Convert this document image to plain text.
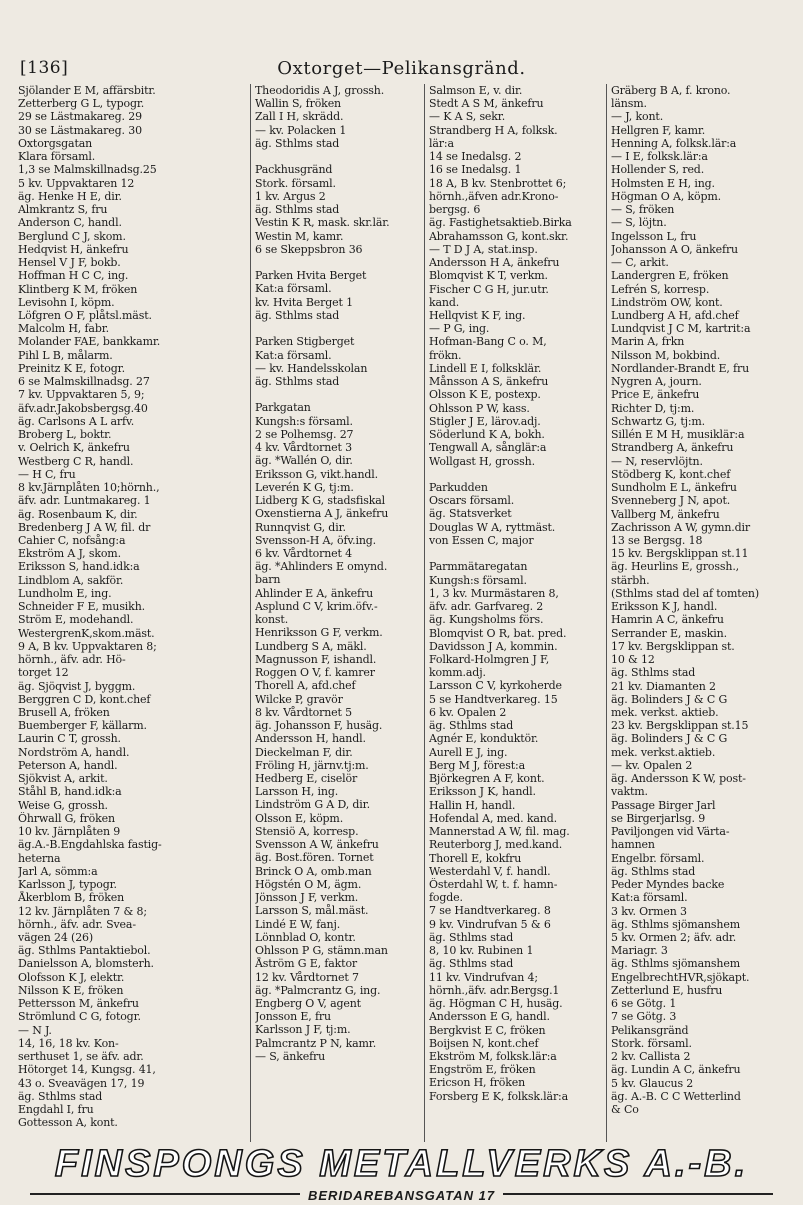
[136]	Oxtorget—Pelikansgränd.
Sjölander E M, affärsbitr.
Zetterberg G L, typogr.
29 se Lästmakareg. 29
30 se Lästmakareg. 30
Oxtorgsgatan
Klara församl.
1,3 se Malmskillnadsg.25
5 kv. Uppvaktaren 12
äg. Henke H E, dir.
Almkrantz S, fru
Anderson C, handl.
Berglund C J, skom.
Hedqvist H, änkefru
Hensel V J F, bokb.
Hoffman H C C, ing.
Klintberg K M, fröken
Levisohn I, köpm.
Löfgren O F, plåtsl.mäst.
Malcolm H, fabr.
Molander FAE, bankkamr.
Pihl L B, målarm.
Preinitz K E, fotogr.
6 se Malmskillnadsg. 27
7 kv. Uppvaktaren 5, 9;
äfv.adr.Jakobsbergsg.40
äg. Carlsons A L arfv.
Broberg L, boktr.
v. Oelrich K, änkefru
Westberg C R, handl.
— H C, fru
8 kv.Järnplåten 10;hörnh.,
äfv. adr. Luntmakareg. 1
äg. Rosenbaum K, dir.
Bredenberg J A W, fil. dr
Cahier C, nofsång:a
Ekström A J, skom.
Eriksson S, hand.idk:a
Lindblom A, sakför.
Lundholm E, ing.
Schneider F E, musikh.
Ström E, modehandl.
WestergrenK,skom.mäst.
9 A, B kv. Uppvaktaren 8;
hörnh., äfv. adr. Hö-
torget 12
äg. Sjöqvist J, byggm.
Berggren C D, kont.chef
Brusell A, fröken
Buemberger F, källarm.
Laurin C T, grossh.
Nordström A, handl.
Peterson A, handl.
Sjökvist A, arkit.
Ståhl B, hand.idk:a
Weise G, grossh.
Öhrwall G, fröken
10 kv. Järnplåten 9
äg.A.-B.Engdahlska fastig-
heterna
Jarl A, sömm:a
Karlsson J, typogr.
Åkerblom B, fröken
12 kv. Järnplåten 7 & 8;
hörnh., äfv. adr. Svea-
vägen 24 (26)
äg. Sthlms Pantaktiebol.
Danielsson A, blomsterh.
Olofsson K J, elektr.
Nilsson K E, fröken
Pettersson M, änkefru
Strömlund C G, fotogr.
— N J.
14, 16, 18 kv. Kon-
serthuset 1, se äfv. adr.
Hötorget 14, Kungsg. 41,
43 o. Sveavägen 17, 19
äg. Sthlms stad
Engdahl I, fru
Gottesson A, kont.
Theodoridis A J, grossh.
Wallin S, fröken
Zall I H, skrädd.
— kv. Polacken 1
äg. Sthlms stad
Packhusgränd
Stork. församl.
1 kv. Argus 2
äg. Sthlms stad
Vestin K R, mask. skr.lär.
Westin M, kamr.
6 se Skeppsbron 36
Parken Hvita Berget
Kat:a församl.
kv. Hvita Berget 1
äg. Sthlms stad
Parken Stigberget
Kat:a församl.
— kv. Handelsskolan
äg. Sthlms stad
Parkgatan
Kungsh:s församl.
2 se Polhemsg. 27
4 kv. Vårdtornet 3
äg. *Wallén O, dir.
Eriksson G, vikt.handl.
Leverén K G, tj:m.
Lidberg K G, stadsfiskal
Oxenstierna A J, änkefru
Runnqvist G, dir.
Svensson-H A, öfv.ing.
6 kv. Vårdtornet 4
äg. *Ahlinders E omynd.
barn
Ahlinder E A, änkefru
Asplund C V, krim.öfv.-
konst.
Henriksson G F, verkm.
Lundberg S A, mäkl.
Magnusson F, ishandl.
Roggen O V, f. kamrer
Thorell A, afd.chef
Wilcke P, gravör
8 kv. Vårdtornet 5
äg. Johansson F, husäg.
Andersson H, handl.
Dieckelman F, dir.
Fröling H, järnv.tj:m.
Hedberg E, ciselör
Larsson H, ing.
Lindström G A D, dir.
Olsson E, köpm.
Stensiö A, korresp.
Svensson A W, änkefru
äg. Bost.fören. Tornet
Brinck O A, omb.man
Högstén O M, ägm.
Jönsson J F, verkm.
Larsson S, mål.mäst.
Lindé E W, fanj.
Lönnblad O, kontr.
Ohlsson P G, stämn.man
Åström G E, faktor
12 kv. Vårdtornet 7
äg. *Palmcrantz G, ing.
Engberg O V, agent
Jonsson E, fru
Karlsson J F, tj:m.
Palmcrantz P N, kamr.
— S, änkefru
Salmson E, v. dir.
Stedt A S M, änkefru
— K A S, sekr.
Strandberg H A, folksk.
lär:a
14 se Inedalsg. 2
16 se Inedalsg. 1
18 A, B kv. Stenbrottet 6;
hörnh.,äfven adr.Krono-
bergsg. 6
äg. Fastighetsaktieb.Birka
Abrahamsson G, kont.skr.
— T D J A, stat.insp.
Andersson H A, änkefru
Blomqvist K T, verkm.
Fischer C G H, jur.utr.
kand.
Hellqvist K F, ing.
— P G, ing.
Hofman-Bang C o. M,
frökn.
Lindell E I, folksklär.
Månsson A S, änkefru
Olsson K E, postexp.
Ohlsson P W, kass.
Stigler J E, lärov.adj.
Söderlund K A, bokh.
Tengwall A, sånglär:a
Wollgast H, grossh.
Parkudden
Oscars församl.
äg. Statsverket
Douglas W A, ryttmäst.
von Essen C, major
Parmmätaregatan
Kungsh:s församl.
1, 3 kv. Murmästaren 8,
äfv. adr. Garfvareg. 2
äg. Kungsholms förs.
Blomqvist O R, bat. pred.
Davidsson J A, kommin.
Folkard-Holmgren J F,
komm.adj.
Larsson C V, kyrkoherde
5 se Handtverkareg. 15
6 kv. Opalen 2
äg. Sthlms stad
Agnér E, konduktör.
Aurell E J, ing.
Berg M J, förest:a
Björkegren A F, kont.
Eriksson J K, handl.
Hallin H, handl.
Hofendal A, med. kand.
Mannerstad A W, fil. mag.
Reuterborg J, med.kand.
Thorell E, kokfru
Westerdahl V, f. handl.
Österdahl W, t. f. hamn-
fogde.
7 se Handtverkareg. 8
9 kv. Vindrufvan 5 & 6
äg. Sthlms stad
8, 10 kv. Rubinen 1
äg. Sthlms stad
11 kv. Vindrufvan 4;
hörnh.,äfv. adr.Bergsg.1
äg. Högman C H, husäg.
Andersson E G, handl.
Bergkvist E C, fröken
Boijsen N, kont.chef
Ekström M, folksk.lär:a
Engström E, fröken
Ericson H, fröken
Forsberg E K, folksk.lär:a
Gräberg B A, f. krono.
länsm.
— J, kont.
Hellgren F, kamr.
Henning A, folksk.lär:a
— I E, folksk.lär:a
Hollender S, red.
Holmsten E H, ing.
Högman O A, köpm.
— S, fröken
— S, löjtn.
Ingelsson L, fru
Johansson A O, änkefru
— C, arkit.
Landergren E, fröken
Lefrén S, korresp.
Lindström OW, kont.
Lundberg A H, afd.chef
Lundqvist J C M, kartrit:a
Marin A, frkn
Nilsson M, bokbind.
Nordlander-Brandt E, fru
Nygren A, journ.
Price E, änkefru
Richter D, tj:m.
Schwartz G, tj:m.
Sillén E M H, musiklär:a
Strandberg A, änkefru
— N, reservlöjtn.
Stödberg K, kont.chef
Sundholm E L, änkefru
Svenneberg J N, apot.
Vallberg M, änkefru
Zachrisson A W, gymn.dir
13 se Bergsg. 18
15 kv. Bergsklippan st.11
äg. Heurlins E, grossh.,
stärbh.
(Sthlms stad del af tomten)
Eriksson K J, handl.
Hamrin A C, änkefru
Serrander E, maskin.
17 kv. Bergsklippan st.
10 & 12
äg. Sthlms stad
21 kv. Diamanten 2
äg. Bolinders J & C G
mek. verkst. aktieb.
23 kv. Bergsklippan st.15
äg. Bolinders J & C G
mek. verkst.aktieb.
— kv. Opalen 2
äg. Andersson K W, post-
vaktm.
Passage Birger Jarl
se Birgerjarlsg. 9
Paviljongen vid Värta-
hamnen
Engelbr. församl.
äg. Sthlms stad
Peder Myndes backe
Kat:a församl.
3 kv. Ormen 3
äg. Sthlms sjömanshem
5 kv. Ormen 2; äfv. adr.
Mariagr. 3
äg. Sthlms sjömanshem
EngelbrechtHVR,sjökapt.
Zetterlund E, husfru
6 se Götg. 1
7 se Götg. 3
Pelikansgränd
Stork. församl.
2 kv. Callista 2
äg. Lundin A C, änkefru
5 kv. Glaucus 2
äg. A.-B. C C Wetterlind
& Co
FINSPONGS METALLVERKS A.-B.
BERIDAREBANSGATAN 17
